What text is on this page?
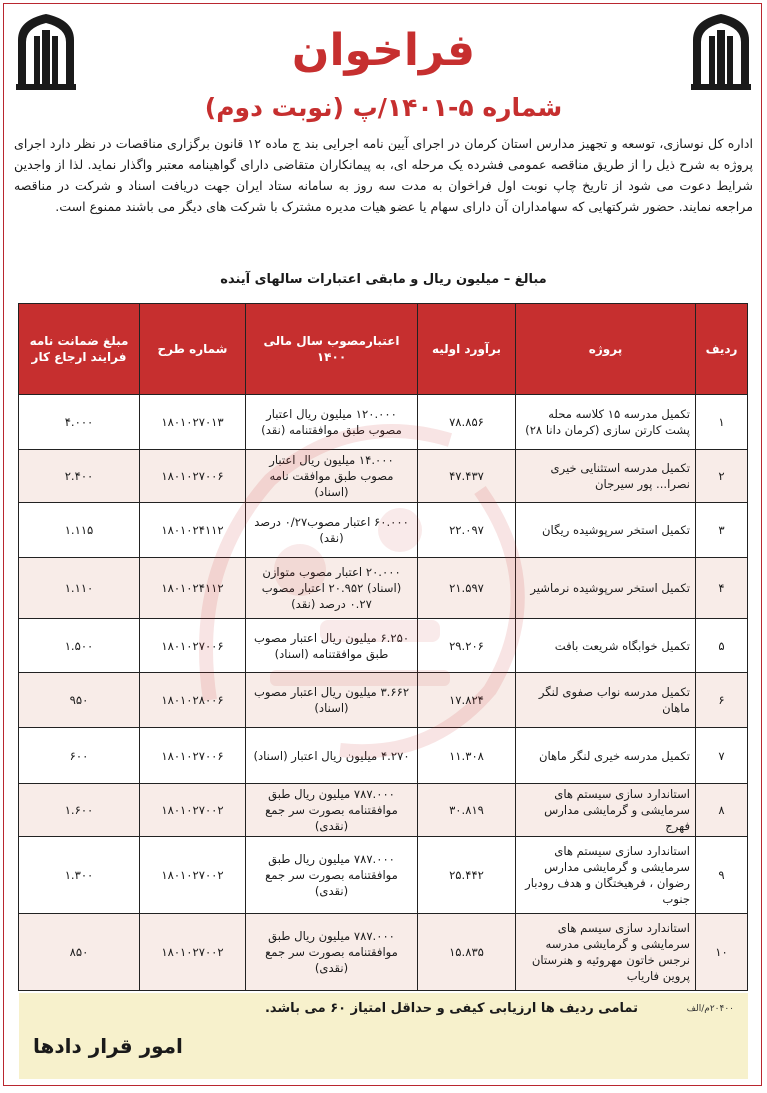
فراخوان
شماره ۵-۱۴۰۱/پ (نوبت دوم)

اداره کل نوسازی، توسعه و تجهیز مدارس استان کرمان در اجرای آیین نامه اجرایی بند ج ماده ۱۲ قانون برگزاری مناقصات در نظر دارد اجرای پروژه به شرح ذیل را از طریق مناقصه عمومی فشرده یک مرحله ای، به پیمانکاران متقاضی دارای گواهینامه معتبر واگذار نماید. لذا از واجدین شرایط دعوت می شود از تاریخ چاپ نوبت اول فراخوان به مدت سه روز به سامانه ستاد ایران جهت دریافت اسناد و شرکت در مناقصه مراجعه نمایند. حضور شرکتهایی که سهامداران آن دارای سهام یا عضو هیات مدیره مشترک با شرکت های دیگر می باشند ممنوع است.

مبالغ – میلیون ریال و مابقی اعتبارات سالهای آینده

ردیف	پروژه	برآورد اولیه	اعتبارمصوب سال مالی ۱۴۰۰	شماره طرح	مبلغ ضمانت نامه فرایند ارجاع کار
۱	تکمیل مدرسه ۱۵ کلاسه محله پشت کارتن سازی (کرمان دانا ۲۸)	۷۸.۸۵۶	۱۲۰.۰۰۰ میلیون ریال اعتبار مصوب طبق موافقتنامه (نقد)	۱۸۰۱۰۲۷۰۱۳	۴.۰۰۰
۲	تکمیل مدرسه استثنایی خیری نصرا... پور سیرجان	۴۷.۴۳۷	۱۴.۰۰۰ میلیون ریال اعتبار مصوب طبق موافقت نامه (اسناد)	۱۸۰۱۰۲۷۰۰۶	۲.۴۰۰
۳	تکمیل استخر سرپوشیده ریگان	۲۲.۰۹۷	۶۰.۰۰۰ اعتبار مصوب۰/۲۷ درصد (نقد)	۱۸۰۱۰۲۴۱۱۲	۱.۱۱۵
۴	تکمیل استخر سرپوشیده نرماشیر	۲۱.۵۹۷	۲۰.۰۰۰ اعتبار مصوب متوازن (اسناد) ۲۰.۹۵۲ اعتبار مصوب ۰.۲۷ درصد (نقد)	۱۸۰۱۰۲۴۱۱۲	۱.۱۱۰
۵	تکمیل خوابگاه شریعت بافت	۲۹.۲۰۶	۶.۲۵۰ میلیون ریال اعتبار مصوب طبق موافقتنامه (اسناد)	۱۸۰۱۰۲۷۰۰۶	۱.۵۰۰
۶	تکمیل مدرسه نواب صفوی لنگر ماهان	۱۷.۸۲۴	۳.۶۶۲ میلیون ریال اعتبار مصوب (اسناد)	۱۸۰۱۰۲۸۰۰۶	۹۵۰
۷	تکمیل مدرسه خیری لنگر ماهان	۱۱.۳۰۸	۴.۲۷۰ میلیون ریال اعتبار (اسناد)	۱۸۰۱۰۲۷۰۰۶	۶۰۰
۸	استاندارد سازی سیستم های سرمایشی و گرمایشی مدارس فهرج	۳۰.۸۱۹	۷۸۷.۰۰۰ میلیون ریال طبق موافقتنامه بصورت سر جمع (نقدی)	۱۸۰۱۰۲۷۰۰۲	۱.۶۰۰
۹	استاندارد سازی سیستم های سرمایشی و گرمایشی مدارس رضوان ، فرهیختگان و هدف رودبار جنوب	۲۵.۴۴۲	۷۸۷.۰۰۰ میلیون ریال طبق موافقتنامه بصورت سر جمع (نقدی)	۱۸۰۱۰۲۷۰۰۲	۱.۳۰۰
۱۰	استاندارد سازی سیسم های سرمایشی و گرمایشی مدرسه نرجس خاتون مهروئیه و هنرستان پروین فاریاب	۱۵.۸۳۵	۷۸۷.۰۰۰ میلیون ریال طبق موافقتنامه بصورت سر جمع (نقدی)	۱۸۰۱۰۲۷۰۰۲	۸۵۰

تمامی ردیف ها ارزیابی کیفی و حداقل امتیاز ۶۰ می باشد.	۲۰۴۰۰م/الف

امور قرار دادها
